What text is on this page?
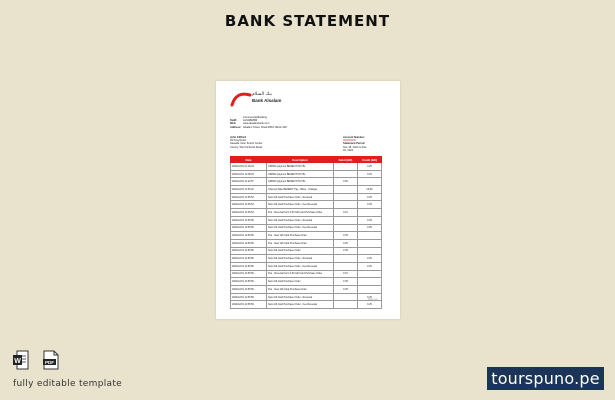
BANK STATEMENT
بنك السلام
Bank Alsalam
Commercial Banking
Swift:	ALSABHBM
Web:	www.alsalambank.com
Address: Alsalam Tower, Road 2804, Block 428
John Clifford
45 King Road
Seaside View Tourist Center
County, Wint Fictional Road
Account Number:
000000000
Statement Period:
Nov 18, 2024 to Dec
02, 2024
Date	Description	Debit (BD)	Credit (BD)
2024/12/01 01:06:22	ODPAD payment BENEFIT PAY BL		0.25
2024/12/01 12:05:22	ODPAD payment BENEFIT PAY BL		0.25
2024/12/01 11:22:57	ODPAD payment BENEFIT PAY BL	0.60	
2024/12/01 11:56:22	Channel Wise BENEFIT Pay - BFee - Charges		20.00
2024/12/01 11:56:54	New Gift Card Purchase Order - Reversal		0.25
2024/12/01 11:56:54	New Gift Card Purchase Order - Fee Reversal		0.25
2024/12/01 11:56:54	Pos - Reversal from 0.50 Gift Card Purchase Order	0.10	
2024/12/01 11:56:56	New Gift Card Purchase Order - Reversal		0.25
2024/12/01 11:56:56	New Gift Card Purchase Order - Fee Reversal		0.25
2024/12/01 11:56:56	Pos - New Gift Card Purchase Order	0.35	
2024/12/01 11:56:56	Pos - New Gift Card Purchase Order	0.25	
2024/12/01 11:56:56	New Gift Card Purchase Order	0.35	
2024/12/01 11:56:56	New Gift Card Purchase Order - Reversal		0.25
2024/12/01 11:56:56	New Gift Card Purchase Order - Fee Reversal		0.25
2024/12/01 11:56:56	Pos - Reversal from 0.50 Gift Card Purchase Order	0.15	
2024/12/01 11:56:56	New Gift Card Purchase Order	0.35	
2024/12/01 11:56:56	Pos - New Gift Card Purchase Order	0.25	
2024/12/01 11:56:56	New Gift Card Purchase Order - Reversal		0.25
2024/12/01 11:56:56	New Gift Card Purchase Order - Fee Reversal		0.25
Page 1/1
W	PDF
fully editable template	tourspuno.pe
